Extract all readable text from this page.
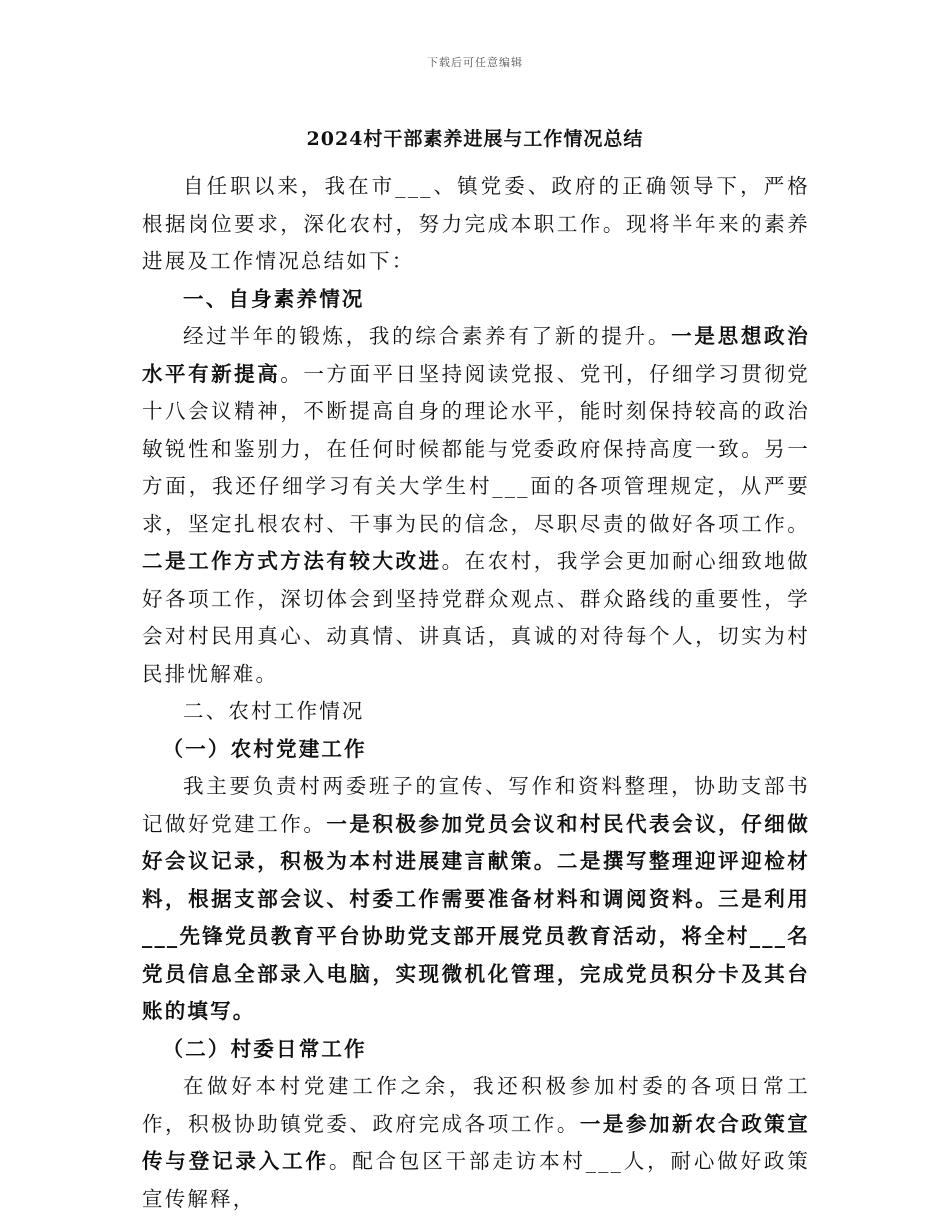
下载后可任意编辑
2024村干部素养进展与工作情况总结

自任职以来，我在市___、镇党委、政府的正确领导下，严格根据岗位要求，深化农村，努力完成本职工作。现将半年来的素养进展及工作情况总结如下：

一、自身素养情况

经过半年的锻炼，我的综合素养有了新的提升。一是思想政治水平有新提高。一方面平日坚持阅读党报、党刊，仔细学习贯彻党十八会议精神，不断提高自身的理论水平，能时刻保持较高的政治敏锐性和鉴别力，在任何时候都能与党委政府保持高度一致。另一方面，我还仔细学习有关大学生村___面的各项管理规定，从严要求，坚定扎根农村、干事为民的信念，尽职尽责的做好各项工作。二是工作方式方法有较大改进。在农村，我学会更加耐心细致地做好各项工作，深切体会到坚持党群众观点、群众路线的重要性，学会对村民用真心、动真情、讲真话，真诚的对待每个人，切实为村民排忧解难。

二、农村工作情况

（一）农村党建工作

我主要负责村两委班子的宣传、写作和资料整理，协助支部书记做好党建工作。一是积极参加党员会议和村民代表会议，仔细做好会议记录，积极为本村进展建言献策。二是撰写整理迎评迎检材料，根据支部会议、村委工作需要准备材料和调阅资料。三是利用___先锋党员教育平台协助党支部开展党员教育活动，将全村___名党员信息全部录入电脑，实现微机化管理，完成党员积分卡及其台账的填写。

（二）村委日常工作

在做好本村党建工作之余，我还积极参加村委的各项日常工作，积极协助镇党委、政府完成各项工作。一是参加新农合政策宣传与登记录入工作。配合包区干部走访本村___人，耐心做好政策宣传解释，
